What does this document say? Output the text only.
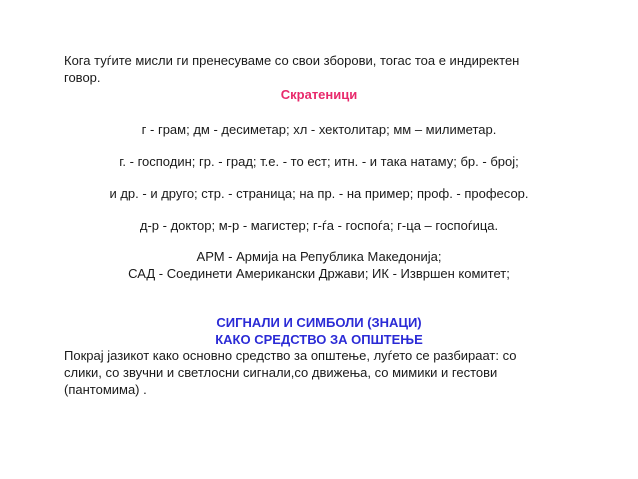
Кога туѓите мисли ги пренесуваме со свои зборови, тогас тоа е индиректен
говор.
Скратеници
г - грам; дм - десиметар; хл - хектолитар; мм – милиметар.
г. - господин; гр. - град; т.е. - то ест; итн. - и така натаму; бр. - број;
и др. - и друго; стр. - страница; на пр. - на пример; проф. - професор.
д-р - доктор; м-р - магистер; г-ѓа - госпоѓа; г-ца – госпоѓица.
АРМ - Армија на Република Македонија;
САД - Соединети Американски Држави; ИК - Извршен комитет;
СИГНАЛИ И СИМБОЛИ (ЗНАЦИ)
КАКО СРЕДСТВО ЗА ОПШТЕЊЕ
Покрај јазикот како основно средство за општење, луѓето се разбираат: со
слики, со звучни и светлосни сигнали,со движења, со мимики и гестови
(пантомима) .
